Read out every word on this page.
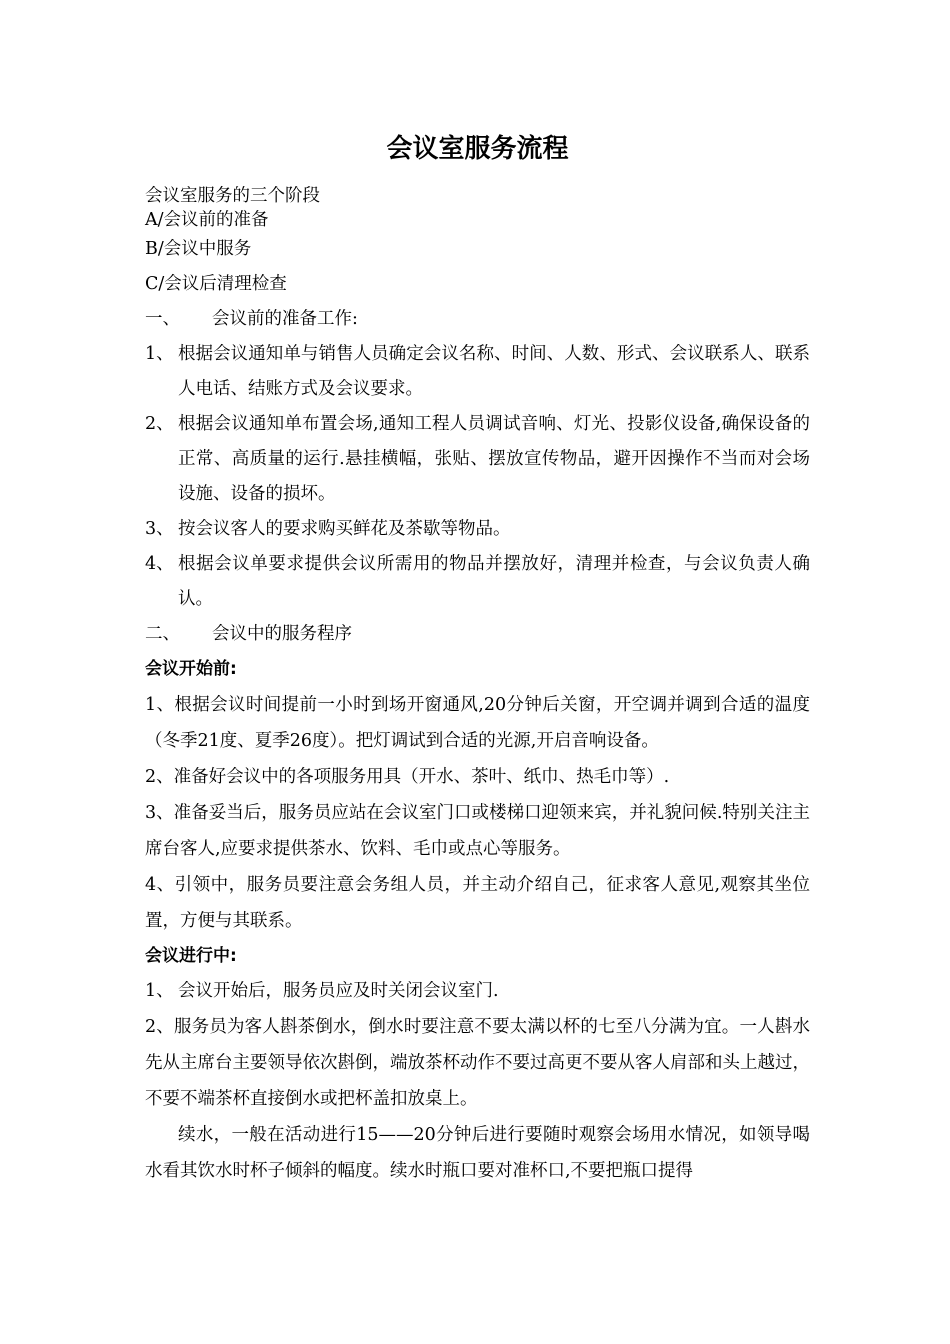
会议室服务流程
会议室服务的三个阶段
A/会议前的准备
B/会议中服务
C/会议后清理检查
一、	会议前的准备工作:
1、 根据会议通知单与销售人员确定会议名称、时间、人数、形式、会议联系人、联系人电话、结账方式及会议要求。
2、 根据会议通知单布置会场,通知工程人员调试音响、灯光、投影仪设备,确保设备的正常、高质量的运行.悬挂横幅，张贴、摆放宣传物品，避开因操作不当而对会场设施、设备的损坏。
3、 按会议客人的要求购买鲜花及茶歇等物品。
4、 根据会议单要求提供会议所需用的物品并摆放好，清理并检查，与会议负责人确认。
二、	会议中的服务程序
会议开始前:
1、根据会议时间提前一小时到场开窗通风,20分钟后关窗，开空调并调到合适的温度（冬季21度、夏季26度）。把灯调试到合适的光源,开启音响设备。
2、准备好会议中的各项服务用具（开水、茶叶、纸巾、热毛巾等）.
3、准备妥当后，服务员应站在会议室门口或楼梯口迎领来宾，并礼貌问候.特别关注主席台客人,应要求提供茶水、饮料、毛巾或点心等服务。
4、引领中，服务员要注意会务组人员，并主动介绍自己，征求客人意见,观察其坐位置，方便与其联系。
会议进行中:
1、 会议开始后，服务员应及时关闭会议室门.
2、服务员为客人斟茶倒水，倒水时要注意不要太满以杯的七至八分满为宜。一人斟水先从主席台主要领导依次斟倒，端放茶杯动作不要过高更不要从客人肩部和头上越过，不要不端茶杯直接倒水或把杯盖扣放桌上。
续水，一般在活动进行15——20分钟后进行要随时观察会场用水情况，如领导喝水看其饮水时杯子倾斜的幅度。续水时瓶口要对准杯口,不要把瓶口提得
